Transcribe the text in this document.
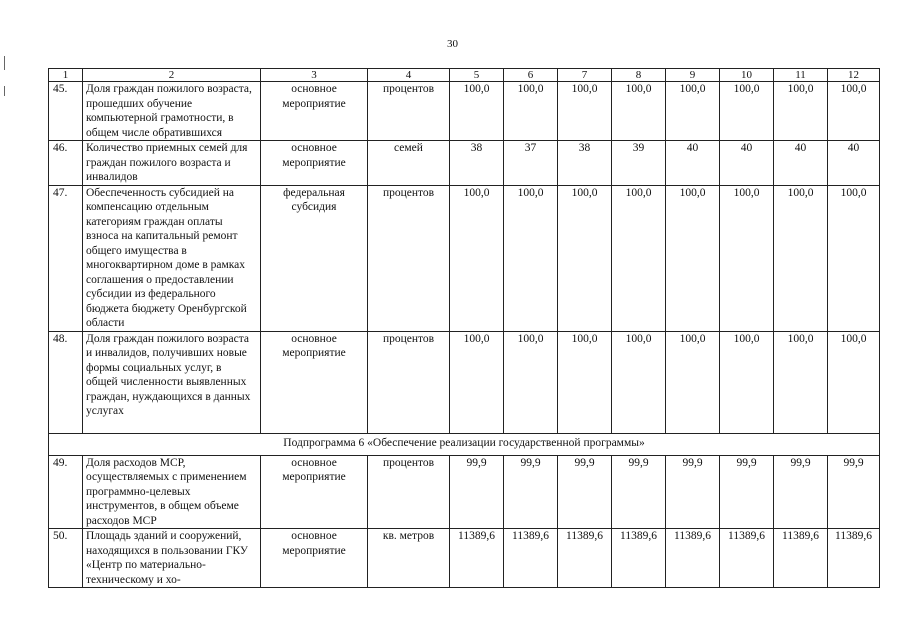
30
1	2	3	4	5	6	7	8	9	10	11	12
45.	Доля граждан пожилого возраста, прошедших обучение компьютерной грамотности, в общем числе обратившихся	основное мероприятие	процентов	100,0	100,0	100,0	100,0	100,0	100,0	100,0	100,0
46.	Количество приемных семей для граждан пожилого возраста и инвалидов	основное мероприятие	семей	38	37	38	39	40	40	40	40
47.	Обеспеченность субсидией на компенсацию отдельным категориям граждан оплаты взноса на капитальный ремонт общего имущества в многоквартирном доме в рамках соглашения о предоставлении субсидии из федерального бюджета бюджету Оренбургской области	федеральная субсидия	процентов	100,0	100,0	100,0	100,0	100,0	100,0	100,0	100,0
48.	Доля граждан пожилого возраста и инвалидов, получивших новые формы социальных услуг, в общей численности выявленных граждан, нуждающихся в данных услугах	основное мероприятие	процентов	100,0	100,0	100,0	100,0	100,0	100,0	100,0	100,0
Подпрограмма 6 «Обеспечение реализации государственной программы»											
49.	Доля расходов МСР, осуществляемых с применением программно-целевых инструментов, в общем объеме расходов МСР	основное мероприятие	процентов	99,9	99,9	99,9	99,9	99,9	99,9	99,9	99,9
50.	Площадь зданий и сооружений, находящихся в пользовании ГКУ «Центр по материально-техническому и хо-	основное мероприятие	кв. метров	11389,6	11389,6	11389,6	11389,6	11389,6	11389,6	11389,6	11389,6
